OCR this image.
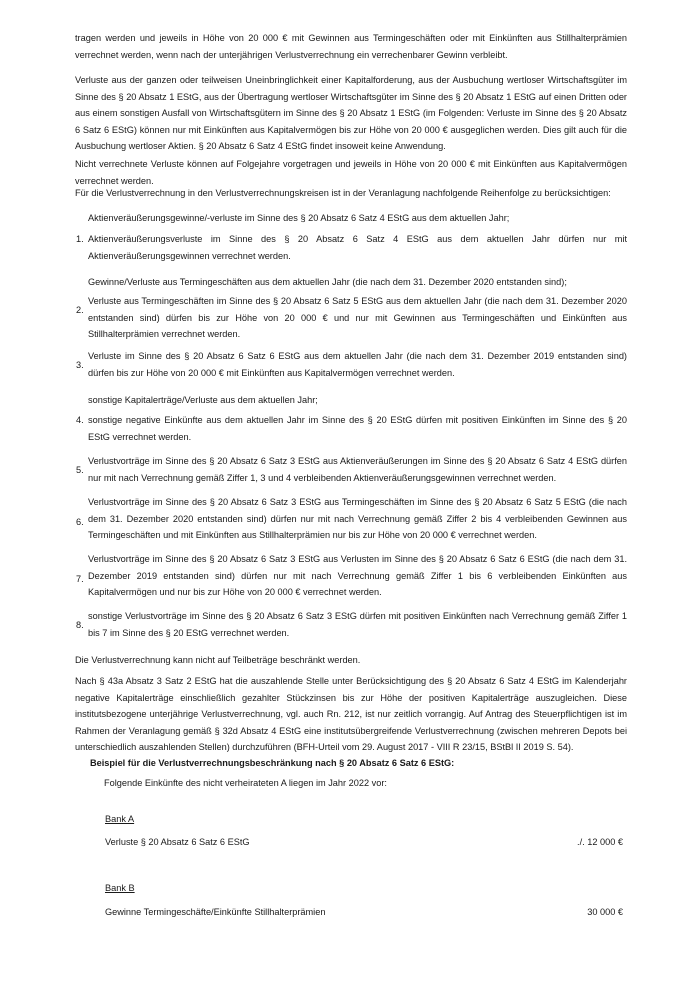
tragen werden und jeweils in Höhe von 20 000 € mit Gewinnen aus Termingeschäften oder mit Einkünften aus Stillhalterprämien verrechnet werden, wenn nach der unterjährigen Verlustverrechnung ein verrechenbarer Gewinn verbleibt.

Verluste aus der ganzen oder teilweisen Uneinbringlichkeit einer Kapitalforderung, aus der Ausbuchung wertloser Wirtschaftsgüter im Sinne des § 20 Absatz 1 EStG, aus der Übertragung wertloser Wirtschaftsgüter im Sinne des § 20 Absatz 1 EStG auf einen Dritten oder aus einem sonstigen Ausfall von Wirtschaftsgütern im Sinne des § 20 Absatz 1 EStG (im Folgenden: Verluste im Sinne des § 20 Absatz 6 Satz 6 EStG) können nur mit Einkünften aus Kapitalvermögen bis zur Höhe von 20 000 € ausgeglichen werden. Dies gilt auch für die Ausbuchung wertloser Aktien. § 20 Absatz 6 Satz 4 EStG findet insoweit keine Anwendung.

Nicht verrechnete Verluste können auf Folgejahre vorgetragen und jeweils in Höhe von 20 000 € mit Einkünften aus Kapitalvermögen verrechnet werden.

Für die Verlustverrechnung in den Verlustverrechnungskreisen ist in der Veranlagung nachfolgende Reihenfolge zu berücksichtigen:

Aktienveräußerungsgewinne/-verluste im Sinne des § 20 Absatz 6 Satz 4 EStG aus dem aktuellen Jahr;

1. Aktienveräußerungsverluste im Sinne des § 20 Absatz 6 Satz 4 EStG aus dem aktuellen Jahr dürfen nur mit Aktienveräußerungsgewinnen verrechnet werden.

Gewinne/Verluste aus Termingeschäften aus dem aktuellen Jahr (die nach dem 31. Dezember 2020 entstanden sind);

2.
Verluste aus Termingeschäften im Sinne des § 20 Absatz 6 Satz 5 EStG aus dem aktuellen Jahr (die nach dem 31. Dezember 2020 entstanden sind) dürfen bis zur Höhe von 20 000 € und nur mit Gewinnen aus Termingeschäften und Einkünften aus Stillhalterprämien verrechnet werden.
3.
Verluste im Sinne des § 20 Absatz 6 Satz 6 EStG aus dem aktuellen Jahr (die nach dem 31. Dezember 2019 entstanden sind) dürfen bis zur Höhe von 20 000 € mit Einkünften aus Kapitalvermögen verrechnet werden.

sonstige Kapitalerträge/Verluste aus dem aktuellen Jahr;

4. sonstige negative Einkünfte aus dem aktuellen Jahr im Sinne des § 20 EStG dürfen mit positiven Einkünften im Sinne des § 20 EStG verrechnet werden.
5.
Verlustvorträge im Sinne des § 20 Absatz 6 Satz 3 EStG aus Aktienveräußerungen im Sinne des § 20 Absatz 6 Satz 4 EStG dürfen nur mit nach Verrechnung gemäß Ziffer 1, 3 und 4 verbleibenden Aktienveräußerungsgewinnen verrechnet werden.
6.
Verlustvorträge im Sinne des § 20 Absatz 6 Satz 3 EStG aus Termingeschäften im Sinne des § 20 Absatz 6 Satz 5 EStG (die nach dem 31. Dezember 2020 entstanden sind) dürfen nur mit nach Verrechnung gemäß Ziffer 2 bis 4 verbleibenden Gewinnen aus Termingeschäften und mit Einkünften aus Stillhalterprämien nur bis zur Höhe von 20 000 € verrechnet werden.
7.
Verlustvorträge im Sinne des § 20 Absatz 6 Satz 3 EStG aus Verlusten im Sinne des § 20 Absatz 6 Satz 6 EStG (die nach dem 31. Dezember 2019 entstanden sind) dürfen nur mit nach Verrechnung gemäß Ziffer 1 bis 6 verbleibenden Einkünften aus Kapitalvermögen und nur bis zur Höhe von 20 000 € verrechnet werden.
8.
sonstige Verlustvorträge im Sinne des § 20 Absatz 6 Satz 3 EStG dürfen mit positiven Einkünften nach Verrechnung gemäß Ziffer 1 bis 7 im Sinne des § 20 EStG verrechnet werden.

Die Verlustverrechnung kann nicht auf Teilbeträge beschränkt werden.

Nach § 43a Absatz 3 Satz 2 EStG hat die auszahlende Stelle unter Berücksichtigung des § 20 Absatz 6 Satz 4 EStG im Kalenderjahr negative Kapitalerträge einschließlich gezahlter Stückzinsen bis zur Höhe der positiven Kapitalerträge auszugleichen. Diese institutsbezogene unterjährige Verlustverrechnung, vgl. auch Rn. 212, ist nur zeitlich vorrangig. Auf Antrag des Steuerpflichtigen ist im Rahmen der Veranlagung gemäß § 32d Absatz 4 EStG eine institutsübergreifende Verlustverrechnung (zwischen mehreren Depots bei unterschiedlich auszahlenden Stellen) durchzuführen (BFH-Urteil vom 29. August 2017 - VIII R 23/15, BStBl II 2019 S. 54).

Beispiel für die Verlustverrechnungsbeschränkung nach § 20 Absatz 6 Satz 6 EStG:

Folgende Einkünfte des nicht verheirateten A liegen im Jahr 2022 vor:

Bank A

Verluste § 20 Absatz 6 Satz 6 EStG	./. 12 000 €

Bank B

Gewinne Termingeschäfte/Einkünfte Stillhalterprämien	30 000 €
